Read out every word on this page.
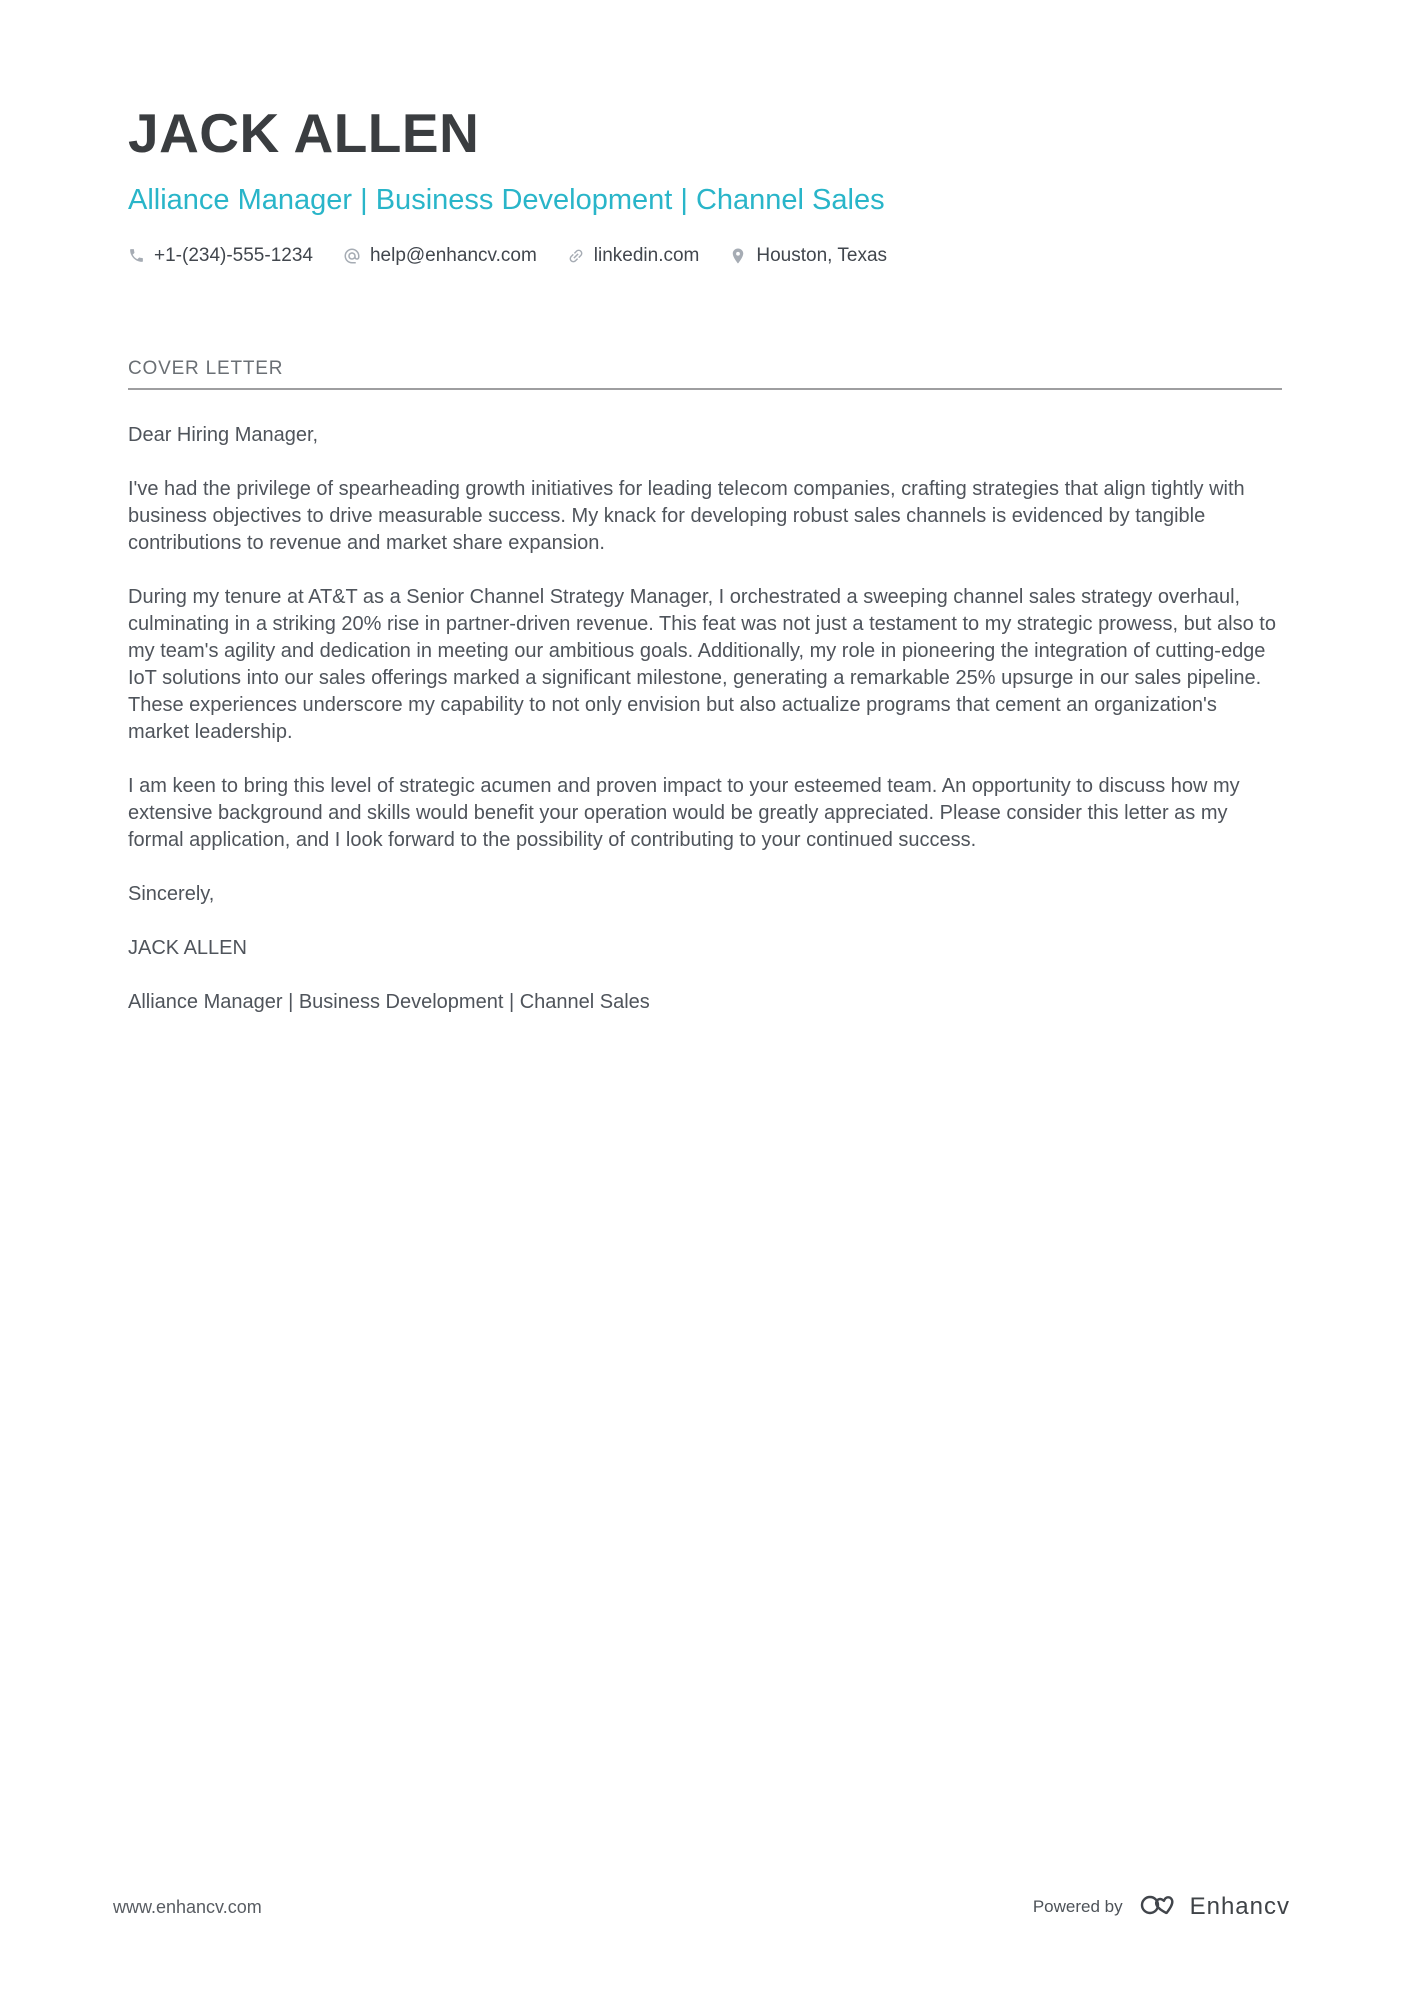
JACK ALLEN
Alliance Manager | Business Development | Channel Sales
+1-(234)-555-1234	help@enhancv.com	linkedin.com	Houston, Texas
COVER LETTER

Dear Hiring Manager,

I've had the privilege of spearheading growth initiatives for leading telecom companies, crafting strategies that align tightly with business objectives to drive measurable success. My knack for developing robust sales channels is evidenced by tangible contributions to revenue and market share expansion.

During my tenure at AT&T as a Senior Channel Strategy Manager, I orchestrated a sweeping channel sales strategy overhaul, culminating in a striking 20% rise in partner-driven revenue. This feat was not just a testament to my strategic prowess, but also to my team's agility and dedication in meeting our ambitious goals. Additionally, my role in pioneering the integration of cutting-edge IoT solutions into our sales offerings marked a significant milestone, generating a remarkable 25% upsurge in our sales pipeline. These experiences underscore my capability to not only envision but also actualize programs that cement an organization's market leadership.

I am keen to bring this level of strategic acumen and proven impact to your esteemed team. An opportunity to discuss how my extensive background and skills would benefit your operation would be greatly appreciated. Please consider this letter as my formal application, and I look forward to the possibility of contributing to your continued success.

Sincerely,

JACK ALLEN

Alliance Manager | Business Development | Channel Sales

www.enhancv.com	Powered by	Enhancv
